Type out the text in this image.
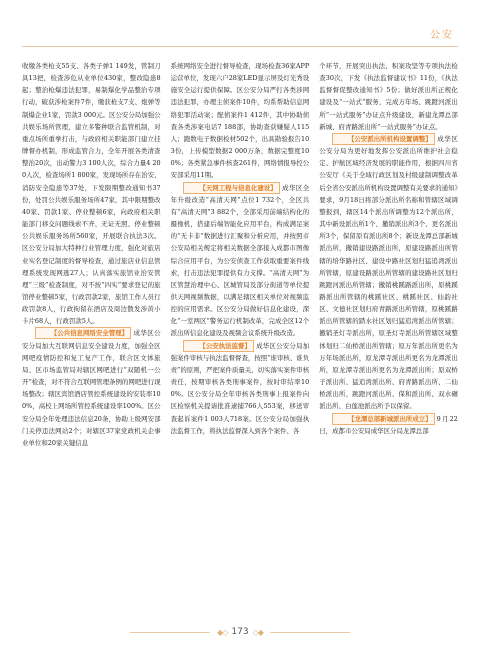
公安

收缴各类枪支55支、各类子弹1 149发，管制刀具13把，检查涉危从业单位430家，整改隐患8起；整治枪爆违法犯罪，易制爆化学品整治专项行动，破获涉枪案件7件，缴获枪支7支、炮弹等制爆企业1家，罚款3 000元。区公安分局加强公共娱乐场所管理，建立多警种联合监管机制，对重点场所重拳打击，与政府相关职能部门建立挂牌督办机制，形成监管合力，全年开展各类清查整治20次，出动警力3 100人次，综合力量4 200人次，检查场所1 800家，发现场所存在治安、消防安全隐患等37处，下发限期整改通知书37份，处罚公共娱乐服务场所47家，其中限期整改40家、罚款1家、停业整顿6家，向政府相关职能部门移交问题线索不齐、无证无照、停业整顿公共娱乐服务场所560家，开展联合执法3次。区公安分局加大特种行业管理力度，强化对旅店业实名登记制度的督导检查，通过旅店业信息管理系统发现网逃27人；认真落实旅馆业治安管理“三级”检查制度，对不按“四实”要求登记的旅馆停业整顿5家，行政罚款2家，旅馆工作人员行政罚款8人，行政拘留在酒店及周边散发涉黄小卡片68人，行政罚款5人。

【公共信息网络安全管理】 成华区公安分局加大互联网信息安全建设力度，加强全区网吧疫情防控和复工复产工作，联合区文体旅局、区市场监管局对辖区网吧进行“双随机一公开”检查，对不符合互联网管理条例的网吧进行现场整改；辖区宾馆酒店管控系统建设的安装率100%，高校上网场所管控系统建设率100%。区公安分局全年处理违法信息20条，协助上级网安部门关停违法网站2个；对辖区37家党政机关企事业单位和20家关键信息

系统网络安全进行督导检查，现场检查36家APP运营单位，发现六户28家LED显示屏及灯光秀设施安全运行提供保障。区公安分局严打各类涉网违法犯罪，办理主侦案件10件，均系帮助信息网络犯罪活动案；配侦案件1 412件，其中协助侦查各类涉案电话7 188部，协助查获嫌疑人115人；跑数电子数据检材502个，出具勘验报告103份，上传模型数据2 000万条，数据完整度100%；各类紧急事件核查261件，网络情报导控公安部采用11期。

【天网工程与信息化建设】 成华区全年升级改造“高清天网”点位1 732个，全区共有“高清天网”3 882个，全部采用前端结构化的摄像机，搭建后端智能化应用平台，构成满足案的“无卡非”数据进行汇聚和分析应用，并按照市公安局相关规定将相关数据全部接入成都市图像综合应用平台，为公安侦查工作获取重要案件线索，打击违法犯罪提供有力支撑。“高清天网”为区管慧治理中心、区城管局及部分街道等单位提供天网视频数据，以满足辖区相关单位对视频监控的应用需求。区公安分局做好信息化建设，深化“一室两区”警务运行机制改革，完成全区12个派出所信息化建设及视频会议系统升级改造。

【公安执法监督】 成华区公安分局加强案件审核与执法监督督查，按照“谁审核、谁负责”的原则，严把案件质量关，切实落实案件审核责任，按期审核各类刑事案件，按时审结率100%。区公安分局全年审核各类刑事上报案件向区检察机关提请批准逮捕766人553案，移送审查起诉案件1 003人718案。区公安分局加强执法监督工作，将执法监督深入到各个案件、各

个环节，开展突出执法、积案攻坚等专项执法检查30次，下发《执法监督建议书》11份，《执法监督督促整改通知书》5份；做好派出所正规化建设及“一站式”服务，完成万年场、跳蹬河派出所“一站式服务”办证点升级建设，新建龙潭总部新城、府青路派出所“一站式服务”办证点。

【公安派出所机构设置调整】 成华区公安分局为更好地发挥公安派出所维护社会稳定、护航区域经济发展的职能作用，根据四川省公安厅《关于全域行政区划及村级建制调整改革后全省公安派出所机构设置调整有关要求的通知》要求，9月18日将部分派出所名称和管辖区域调整报到，辖区14个派出所调整为12个派出所，其中新设派出所1个、撤销派出所3个、更名派出所3个，保留原有派出所8个；新设龙潭总部新城派出所，撤销建设路派出所，原建设路派出所管辖的培华路社区、建设中路社区划归猛追湾派出所管辖，原建设路派出所管辖的建设路社区划归跳蹬河派出所管辖；撤销桃蹊路派出所，原桃蹊路派出所管辖的桃蹊社区、桃蹊社区、仙韵社区、文德社区划归府青路派出所管辖，原桃蹊路派出所管辖的踏水社区划归猛追湾派出所管辖；撤销圣灯寺派出所，原圣灯寺派出所管辖区域整体划归二仙桥派出所管辖；原万年派出所更名为万年场派出所，原龙潭寺派出所更名为龙潭派出所，原龙潭寺派出所更名为龙潭派出所；原双桥子派出所、猛追湾派出所、府青路派出所、二仙桥派出所、跳蹬河派出所、保和派出所、双水碾派出所、白莲池派出所予以保留。

【龙潭总部新城派出所成立】 9月22日，成都市公安局成华区分局龙潭总部

◆◇ 173 ◇◆
